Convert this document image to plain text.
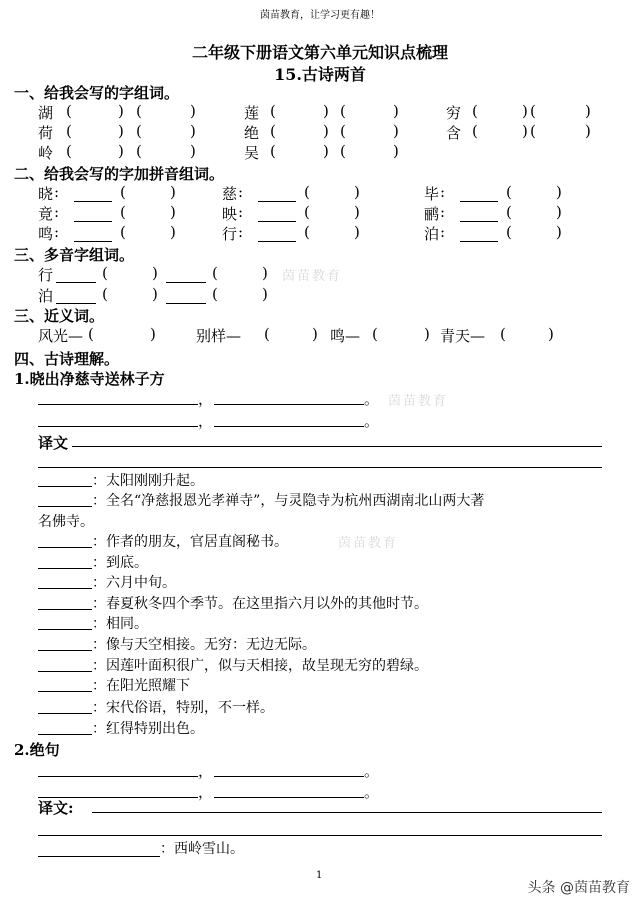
茵苗教育，让学习更有趣！
二年级下册语文第六单元知识点梳理
15.古诗两首
一、给我会写的字组词。
二、给我会写的字加拼音组词。
三、多音字组词。
三、近义词。
四、古诗理解。
1.晓出净慈寺送林子方
译文
2.绝句
译文:
：西岭雪山。
茵苗教育
茵苗教育
茵苗教育
1
头条 @茵苗教育
湖 (	) (	)	莲 (	) (	)	穷 (	) (	)
荷 (	) (	)	绝 (	) (	)	含 (	) (	)
岭 (	) (	)	吴 (	) (	)
晓 :	(	)	慈 :	(	)	毕 :	(	)
竟 :	(	)	映 :	(	)	鹂 :	(	)
鸣 :	(	)	行 :	(	)	泊 :	(	)
行	(	)	(	)
泊	(	)	(	)
风光— (	)	别样— (	) 鸣— (	) 青天— (	)
，	。
，	。
，	。
，	。
：太阳刚刚升起。
：全名“净慈报恩光孝禅寺”，与灵隐寺为杭州西湖南北山两大著
名佛寺。
：作者的朋友，官居直阁秘书。
：到底。
：六月中旬。
：春夏秋冬四个季节。在这里指六月以外的其他时节。
：相同。
：像与天空相接。无穷：无边无际。
：因莲叶面积很广，似与天相接，故呈现无穷的碧绿。
：在阳光照耀下
：宋代俗语，特别，不一样。
：红得特别出色。
